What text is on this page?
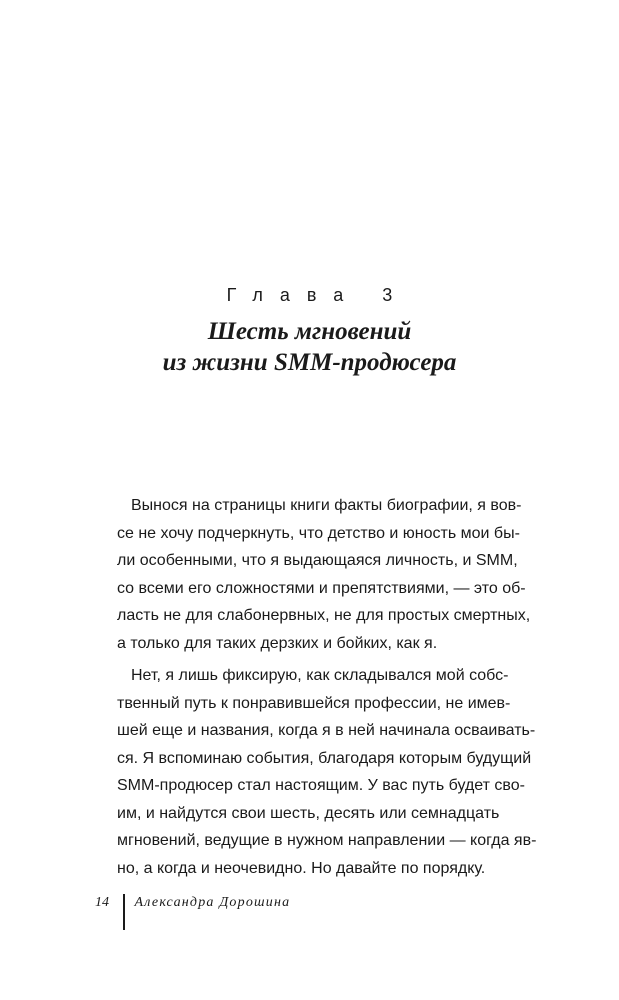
Глава 3
Шесть мгновений
из жизни SMM-продюсера
Вынося на страницы книги факты биографии, я вов-
се не хочу подчеркнуть, что детство и юность мои бы-
ли особенными, что я выдающаяся личность, и SMM,
со всеми его сложностями и препятствиями, — это об-
ласть не для слабонервных, не для простых смертных,
а только для таких дерзких и бойких, как я.
Нет, я лишь фиксирую, как складывался мой собс-
твенный путь к понравившейся профессии, не имев-
шей еще и названия, когда я в ней начинала осваивать-
ся. Я вспоминаю события, благодаря которым будущий
SMM-продюсер стал настоящим. У вас путь будет сво-
им, и найдутся свои шесть, десять или семнадцать
мгновений, ведущие в нужном направлении — когда яв-
но, а когда и неочевидно. Но давайте по порядку.
14	Александра Дорошина
